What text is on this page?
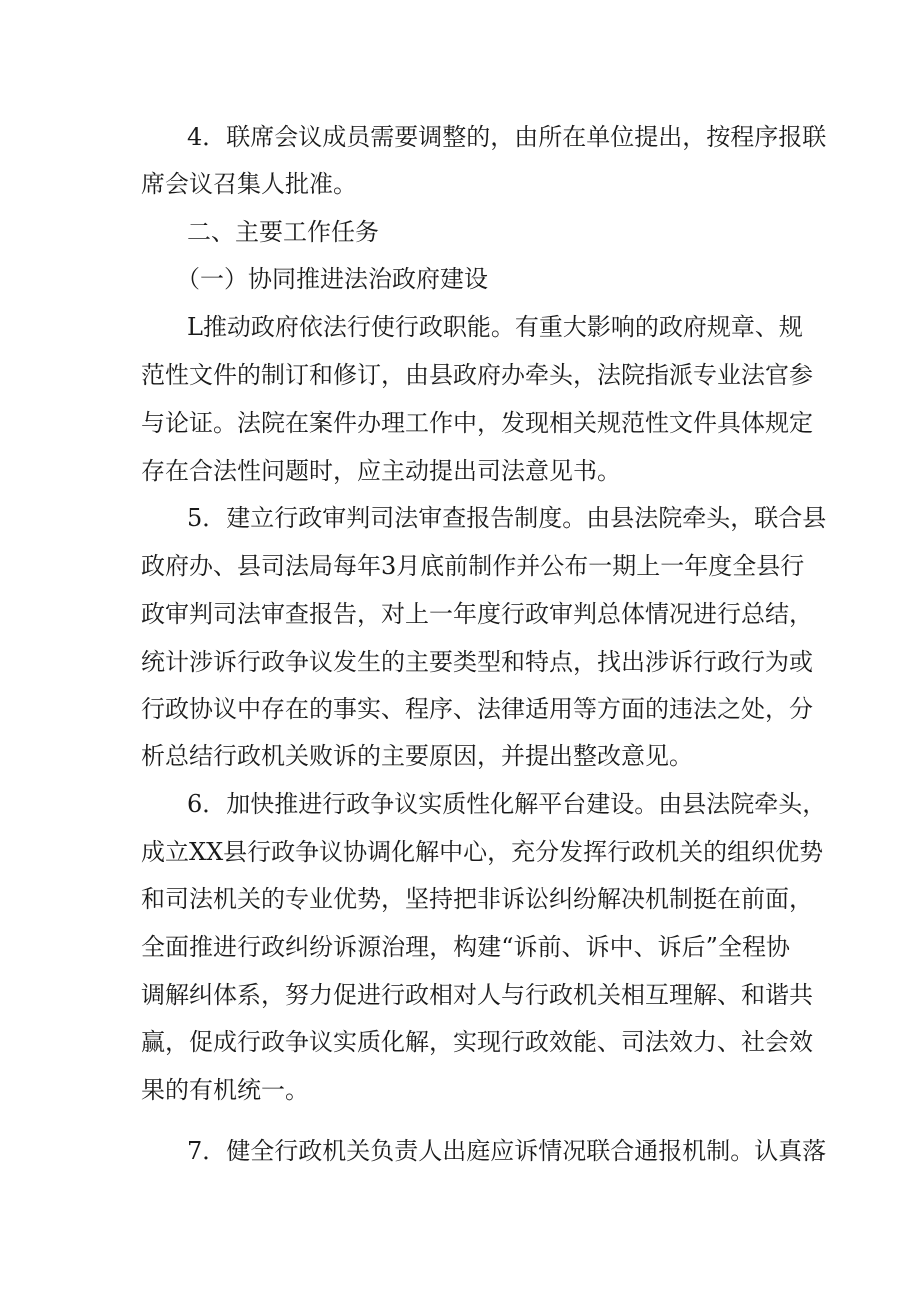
4．联席会议成员需要调整的，由所在单位提出，按程序报联
席会议召集人批准。
二、主要工作任务
（一）协同推进法治政府建设
L推动政府依法行使行政职能。有重大影响的政府规章、规
范性文件的制订和修订，由县政府办牵头，法院指派专业法官参
与论证。法院在案件办理工作中，发现相关规范性文件具体规定
存在合法性问题时，应主动提出司法意见书。
5．建立行政审判司法审查报告制度。由县法院牵头，联合县
政府办、县司法局每年3月底前制作并公布一期上一年度全县行
政审判司法审查报告，对上一年度行政审判总体情况进行总结，
统计涉诉行政争议发生的主要类型和特点，找出涉诉行政行为或
行政协议中存在的事实、程序、法律适用等方面的违法之处，分
析总结行政机关败诉的主要原因，并提出整改意见。
6．加快推进行政争议实质性化解平台建设。由县法院牵头，
成立XX县行政争议协调化解中心，充分发挥行政机关的组织优势
和司法机关的专业优势，坚持把非诉讼纠纷解决机制挺在前面，
全面推进行政纠纷诉源治理，构建“诉前、诉中、诉后”全程协
调解纠体系，努力促进行政相对人与行政机关相互理解、和谐共
赢，促成行政争议实质化解，实现行政效能、司法效力、社会效
果的有机统一。
7．健全行政机关负责人出庭应诉情况联合通报机制。认真落
